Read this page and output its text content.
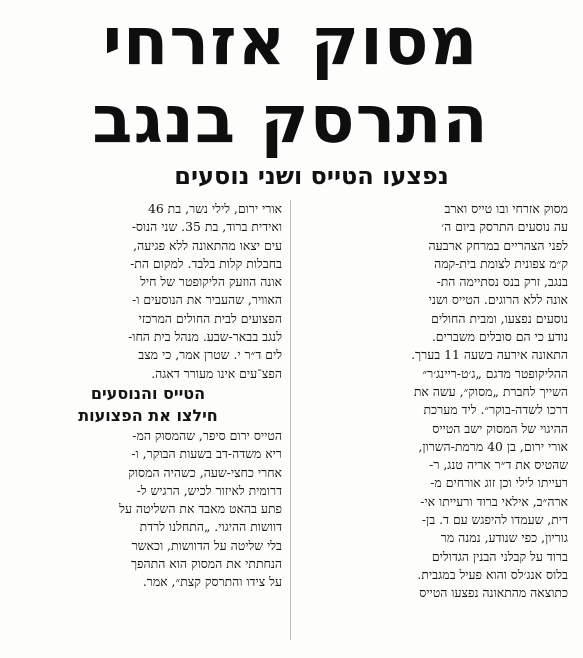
מסוק אזרחי
התרסק בנגב
נפצעו הטייס ושני נוסעים

מסוק אזרחי ובו טייס וארב

עה נוסעים התרסק ביום ה׳

לפני הצהריים במרחק ארבעה

ק״מ צפונית לצומת בית-קמה

בנגב, זרק בנס נסתיימה הת-

אונה ללא הרוגים. הטייס ושני

נוסעים נפצעו, ומבית החולים

נודע כי הם סובלים משברים.

התאונה אירעה בשעה 11 בערך.

ההליקופטר מדגם „ג׳ט-ריינג׳ר״

השייך לחברת „מסוק״, עשה את

דרכו לשדה-בוקר״. ליד מערכת

ההיגוי של המסוק ישב הטייס

אורי ירום, בן 40 מרמת-השרון,

שהטיס את ד״ר אריה טנג, ר-

רעייתו לילי וכן זוג אורחים מ-

ארה״ב, אילאי ברוד ורעייתו אי-

דית, שעמדו להיפגש עם ד. בן-

גוריון, כפי שנודע, נמנה מר

ברוד על קבלני הבנין הגדולים

בלוס אנג׳לס והוא פעיל במגבית.

כתוצאה מהתאונה נפצעו הטייס

אורי ירום, לילי נשר, בת 46

ואידית ברוד, בת 35. שני הנוס-

עים יצאו מהתאונה ללא פגיעה,

בחבלות קלות בלבד. למקום הת-

אונה הוזעק הליקופטר של חיל

האוויר, שהעביר את הנוסעים ו-

הפצועים לבית החולים המרכזי

לנגב בבאר-שבע. מנהל בית החו-

לים ד״ר י. שטרן אמר, כי מצב

הפצ־עים אינו מעורר דאגה.

הטייס והנוסעים
חילצו את הפצועות

הטייס ירום סיפר, שהמסוק המ-

ריא משדה-דב בשעות הבוקר, ו-

אחרי כחצי-שעה, כשהיה המסוק

דרומית לאיזור לכיש, הרגיש ל-

פתע בהאט מאבד את השליטה על

דוושות ההיגוי. „התחלנו לרדת

בלי שליטה על הדוושות, וכאשר

הנחתתי את המסוק הוא התהפך

על צידו והתרסק קצת״, אמר.
